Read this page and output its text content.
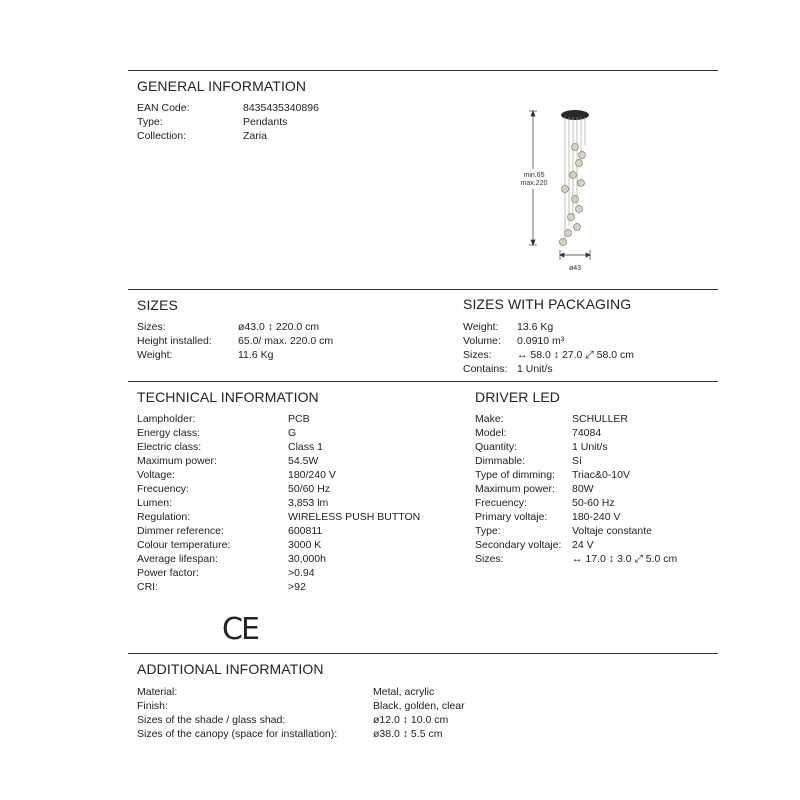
GENERAL INFORMATION
EAN Code:	8435435340896
Type:	Pendants
Collection:	Zaria
min.65
max.220
ø43
SIZES
Sizes:	ø43.0 ↕ 220.0 cm
Height installed:	65.0/ max. 220.0 cm
Weight:	11.6 Kg
SIZES WITH PACKAGING
Weight:	13.6 Kg
Volume:	0.0910 m³
Sizes:	↔ 58.0 ↕ 27.0 ⤢ 58.0 cm
Contains: 1 Unit/s
TECHNICAL INFORMATION
Lampholder:	PCB
Energy class:	G
Electric class:	Class 1
Maximum power:	54.5W
Voltage:	180/240 V
Frecuency:	50/60 Hz
Lumen:	3,853 lm
Regulation:	WIRELESS PUSH BUTTON
Dimmer reference:	600811
Colour temperature:	3000 K
Average lifespan:	30,000h
Power factor:	>0.94
CRI:	>92
CE
DRIVER LED
Make:	SCHULLER
Model:	74084
Quantity:	1 Unit/s
Dimmable:	Sí
Type of dimming:	Triac&0-10V
Maximum power:	80W
Frecuency:	50-60 Hz
Primary voltaje:	180-240 V
Type:	Voltaje constante
Secondary voltaje:	24 V
Sizes:	↔ 17.0 ↕ 3.0 ⤢ 5.0 cm
ADDITIONAL INFORMATION
Material:	Metal, acrylic
Finish:	Black, golden, clear
Sizes of the shade / glass shad:	ø12.0 ↕ 10.0 cm
Sizes of the canopy (space for installation):	ø38.0 ↕ 5.5 cm
